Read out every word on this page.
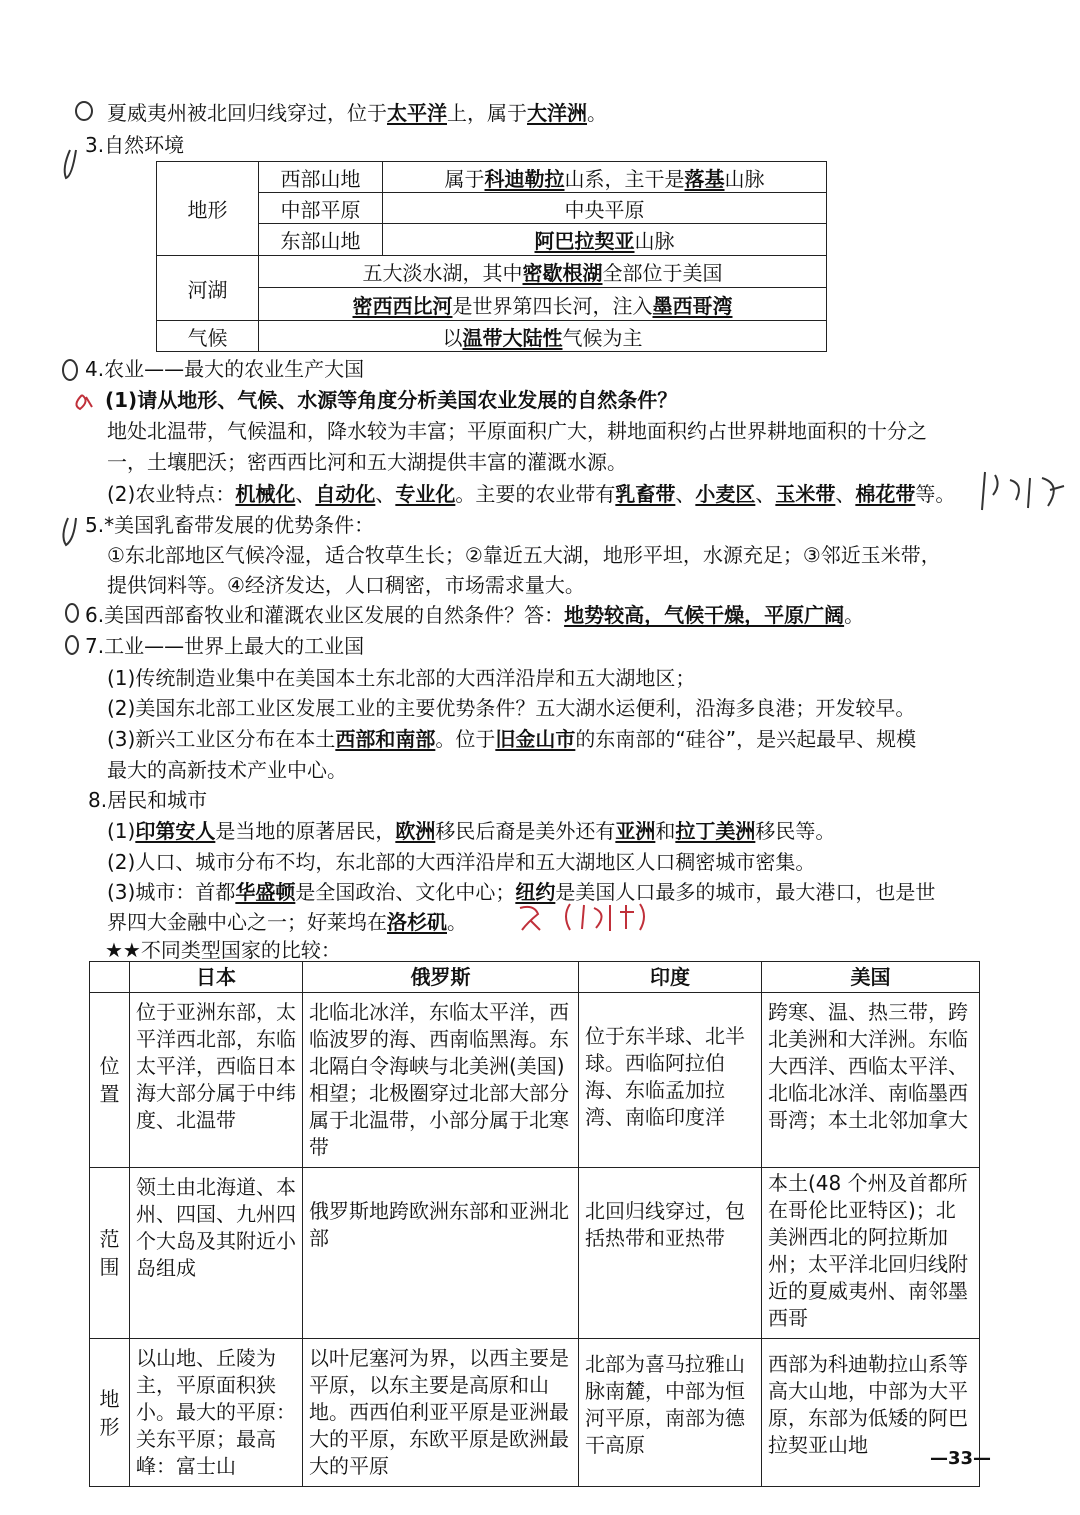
夏威夷州被北回归线穿过，位于太平洋上，属于大洋洲。
3.自然环境
地形	西部山地	属于科迪勒拉山系，主干是落基山脉
	中部平原	中央平原
	东部山地	阿巴拉契亚山脉
河湖	五大淡水湖，其中密歇根湖全部位于美国	
	密西西比河是世界第四长河，注入墨西哥湾	
气候	以温带大陆性气候为主	
4.农业——最大的农业生产大国
(1)请从地形、气候、水源等角度分析美国农业发展的自然条件？
地处北温带，气候温和，降水较为丰富；平原面积广大，耕地面积约占世界耕地面积的十分之
一，土壤肥沃；密西西比河和五大湖提供丰富的灌溉水源。
(2)农业特点：机械化、自动化、专业化。主要的农业带有乳畜带、小麦区、玉米带、棉花带等。
5.*美国乳畜带发展的优势条件：
①东北部地区气候冷湿，适合牧草生长；②靠近五大湖，地形平坦，水源充足；③邻近玉米带，
提供饲料等。④经济发达，人口稠密，市场需求量大。
6.美国西部畜牧业和灌溉农业区发展的自然条件？答：地势较高，气候干燥，平原广阔。
7.工业——世界上最大的工业国
(1)传统制造业集中在美国本土东北部的大西洋沿岸和五大湖地区；
(2)美国东北部工业区发展工业的主要优势条件？五大湖水运便利，沿海多良港；开发较早。
(3)新兴工业区分布在本土西部和南部。位于旧金山市的东南部的“硅谷”，是兴起最早、规模
最大的高新技术产业中心。
8.居民和城市
(1)印第安人是当地的原著居民，欧洲移民后裔是美外还有亚洲和拉丁美洲移民等。
(2)人口、城市分布不均，东北部的大西洋沿岸和五大湖地区人口稠密城市密集。
(3)城市：首都华盛顿是全国政治、文化中心；纽约是美国人口最多的城市，最大港口，也是世
界四大金融中心之一；好莱坞在洛杉矶。
★★不同类型国家的比较：
	日本	俄罗斯	印度	美国
位
置	位于亚洲东部，太平洋西北部，东临太平洋，西临日本海大部分属于中纬度、北温带	北临北冰洋，东临太平洋，西临波罗的海、西南临黑海。东北隔白令海峡与北美洲(美国)相望；北极圈穿过北部大部分属于北温带，小部分属于北寒带	位于东半球、北半球。西临阿拉伯海、东临孟加拉湾、南临印度洋	跨寒、温、热三带，跨北美洲和大洋洲。东临大西洋、西临太平洋、北临北冰洋、南临墨西哥湾；本土北邻加拿大
范
围	领土由北海道、本州、四国、九州四个大岛及其附近小岛组成	俄罗斯地跨欧洲东部和亚洲北部	北回归线穿过，包括热带和亚热带	本土(48 个州及首都所在哥伦比亚特区)；北美洲西北的阿拉斯加州；太平洋北回归线附近的夏威夷州、南邻墨西哥
地
形	以山地、丘陵为主，平原面积狭小。最大的平原：关东平原；最高峰：富士山	以叶尼塞河为界，以西主要是平原，以东主要是高原和山地。西西伯利亚平原是亚洲最大的平原，东欧平原是欧洲最大的平原	北部为喜马拉雅山脉南麓，中部为恒河平原，南部为德干高原	西部为科迪勒拉山系等高大山地，中部为大平原，东部为低矮的阿巴拉契亚山地
—33—
